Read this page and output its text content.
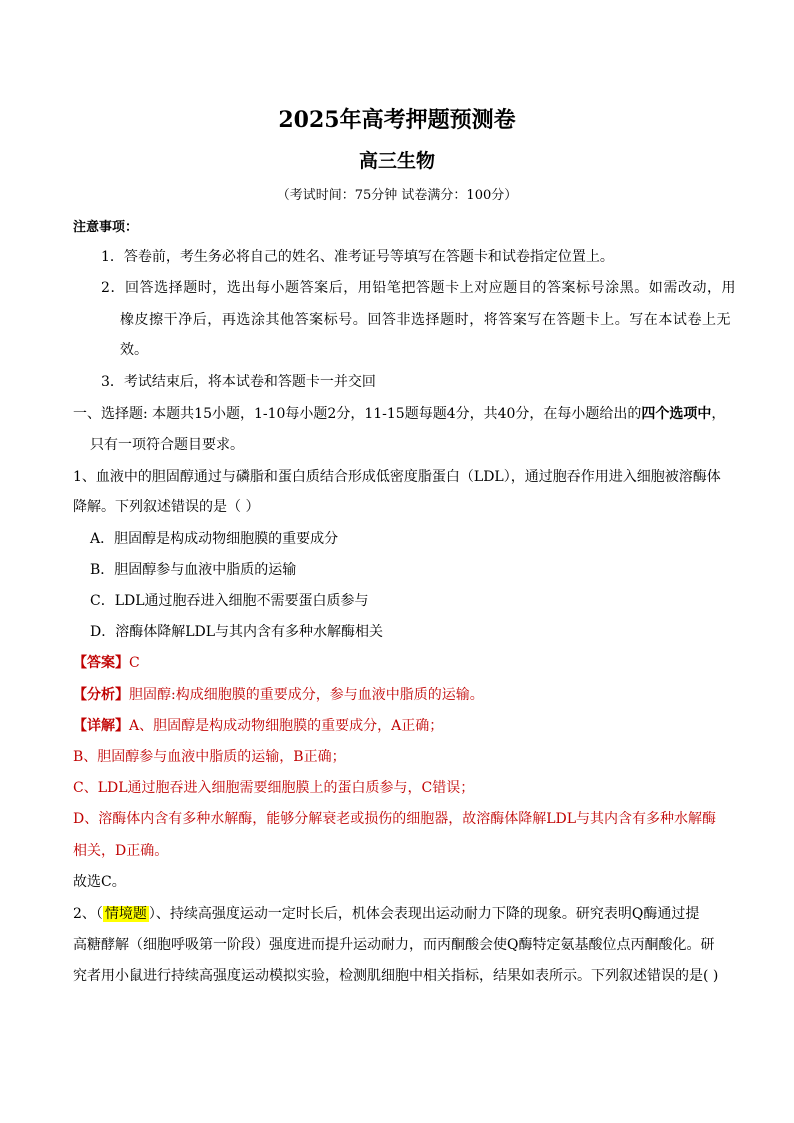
2025年高考押题预测卷
高三生物
（考试时间：75分钟 试卷满分：100分）
注意事项：
1．答卷前，考生务必将自己的姓名、准考证号等填写在答题卡和试卷指定位置上。
2．回答选择题时，选出每小题答案后，用铅笔把答题卡上对应题目的答案标号涂黑。如需改动，用
橡皮擦干净后，再选涂其他答案标号。回答非选择题时，将答案写在答题卡上。写在本试卷上无
效。
3．考试结束后，将本试卷和答题卡一并交回
一、选择题: 本题共15小题，1-10每小题2分，11-15题每题4分，共40分，在每小题给出的四个选项中，
只有一项符合题目要求。
1、血液中的胆固醇通过与磷脂和蛋白质结合形成低密度脂蛋白（LDL），通过胞吞作用进入细胞被溶酶体
降解。下列叙述错误的是（ ）
A．胆固醇是构成动物细胞膜的重要成分
B．胆固醇参与血液中脂质的运输
C．LDL通过胞吞进入细胞不需要蛋白质参与
D．溶酶体降解LDL与其内含有多种水解酶相关
【答案】C
【分析】胆固醇:构成细胞膜的重要成分，参与血液中脂质的运输。
【详解】A、胆固醇是构成动物细胞膜的重要成分，A正确；
B、胆固醇参与血液中脂质的运输，B正确；
C、LDL通过胞吞进入细胞需要细胞膜上的蛋白质参与，C错误；
D、溶酶体内含有多种水解酶，能够分解衰老或损伤的细胞器，故溶酶体降解LDL与其内含有多种水解酶
相关，D正确。
故选C。
2、（ 情境题 ）、持续高强度运动一定时长后，机体会表现出运动耐力下降的现象。研究表明Q酶通过提
高糖酵解（细胞呼吸第一阶段）强度进而提升运动耐力，而丙酮酸会使Q酶特定氨基酸位点丙酮酸化。研
究者用小鼠进行持续高强度运动模拟实验，检测肌细胞中相关指标，结果如表所示。下列叙述错误的是( )
